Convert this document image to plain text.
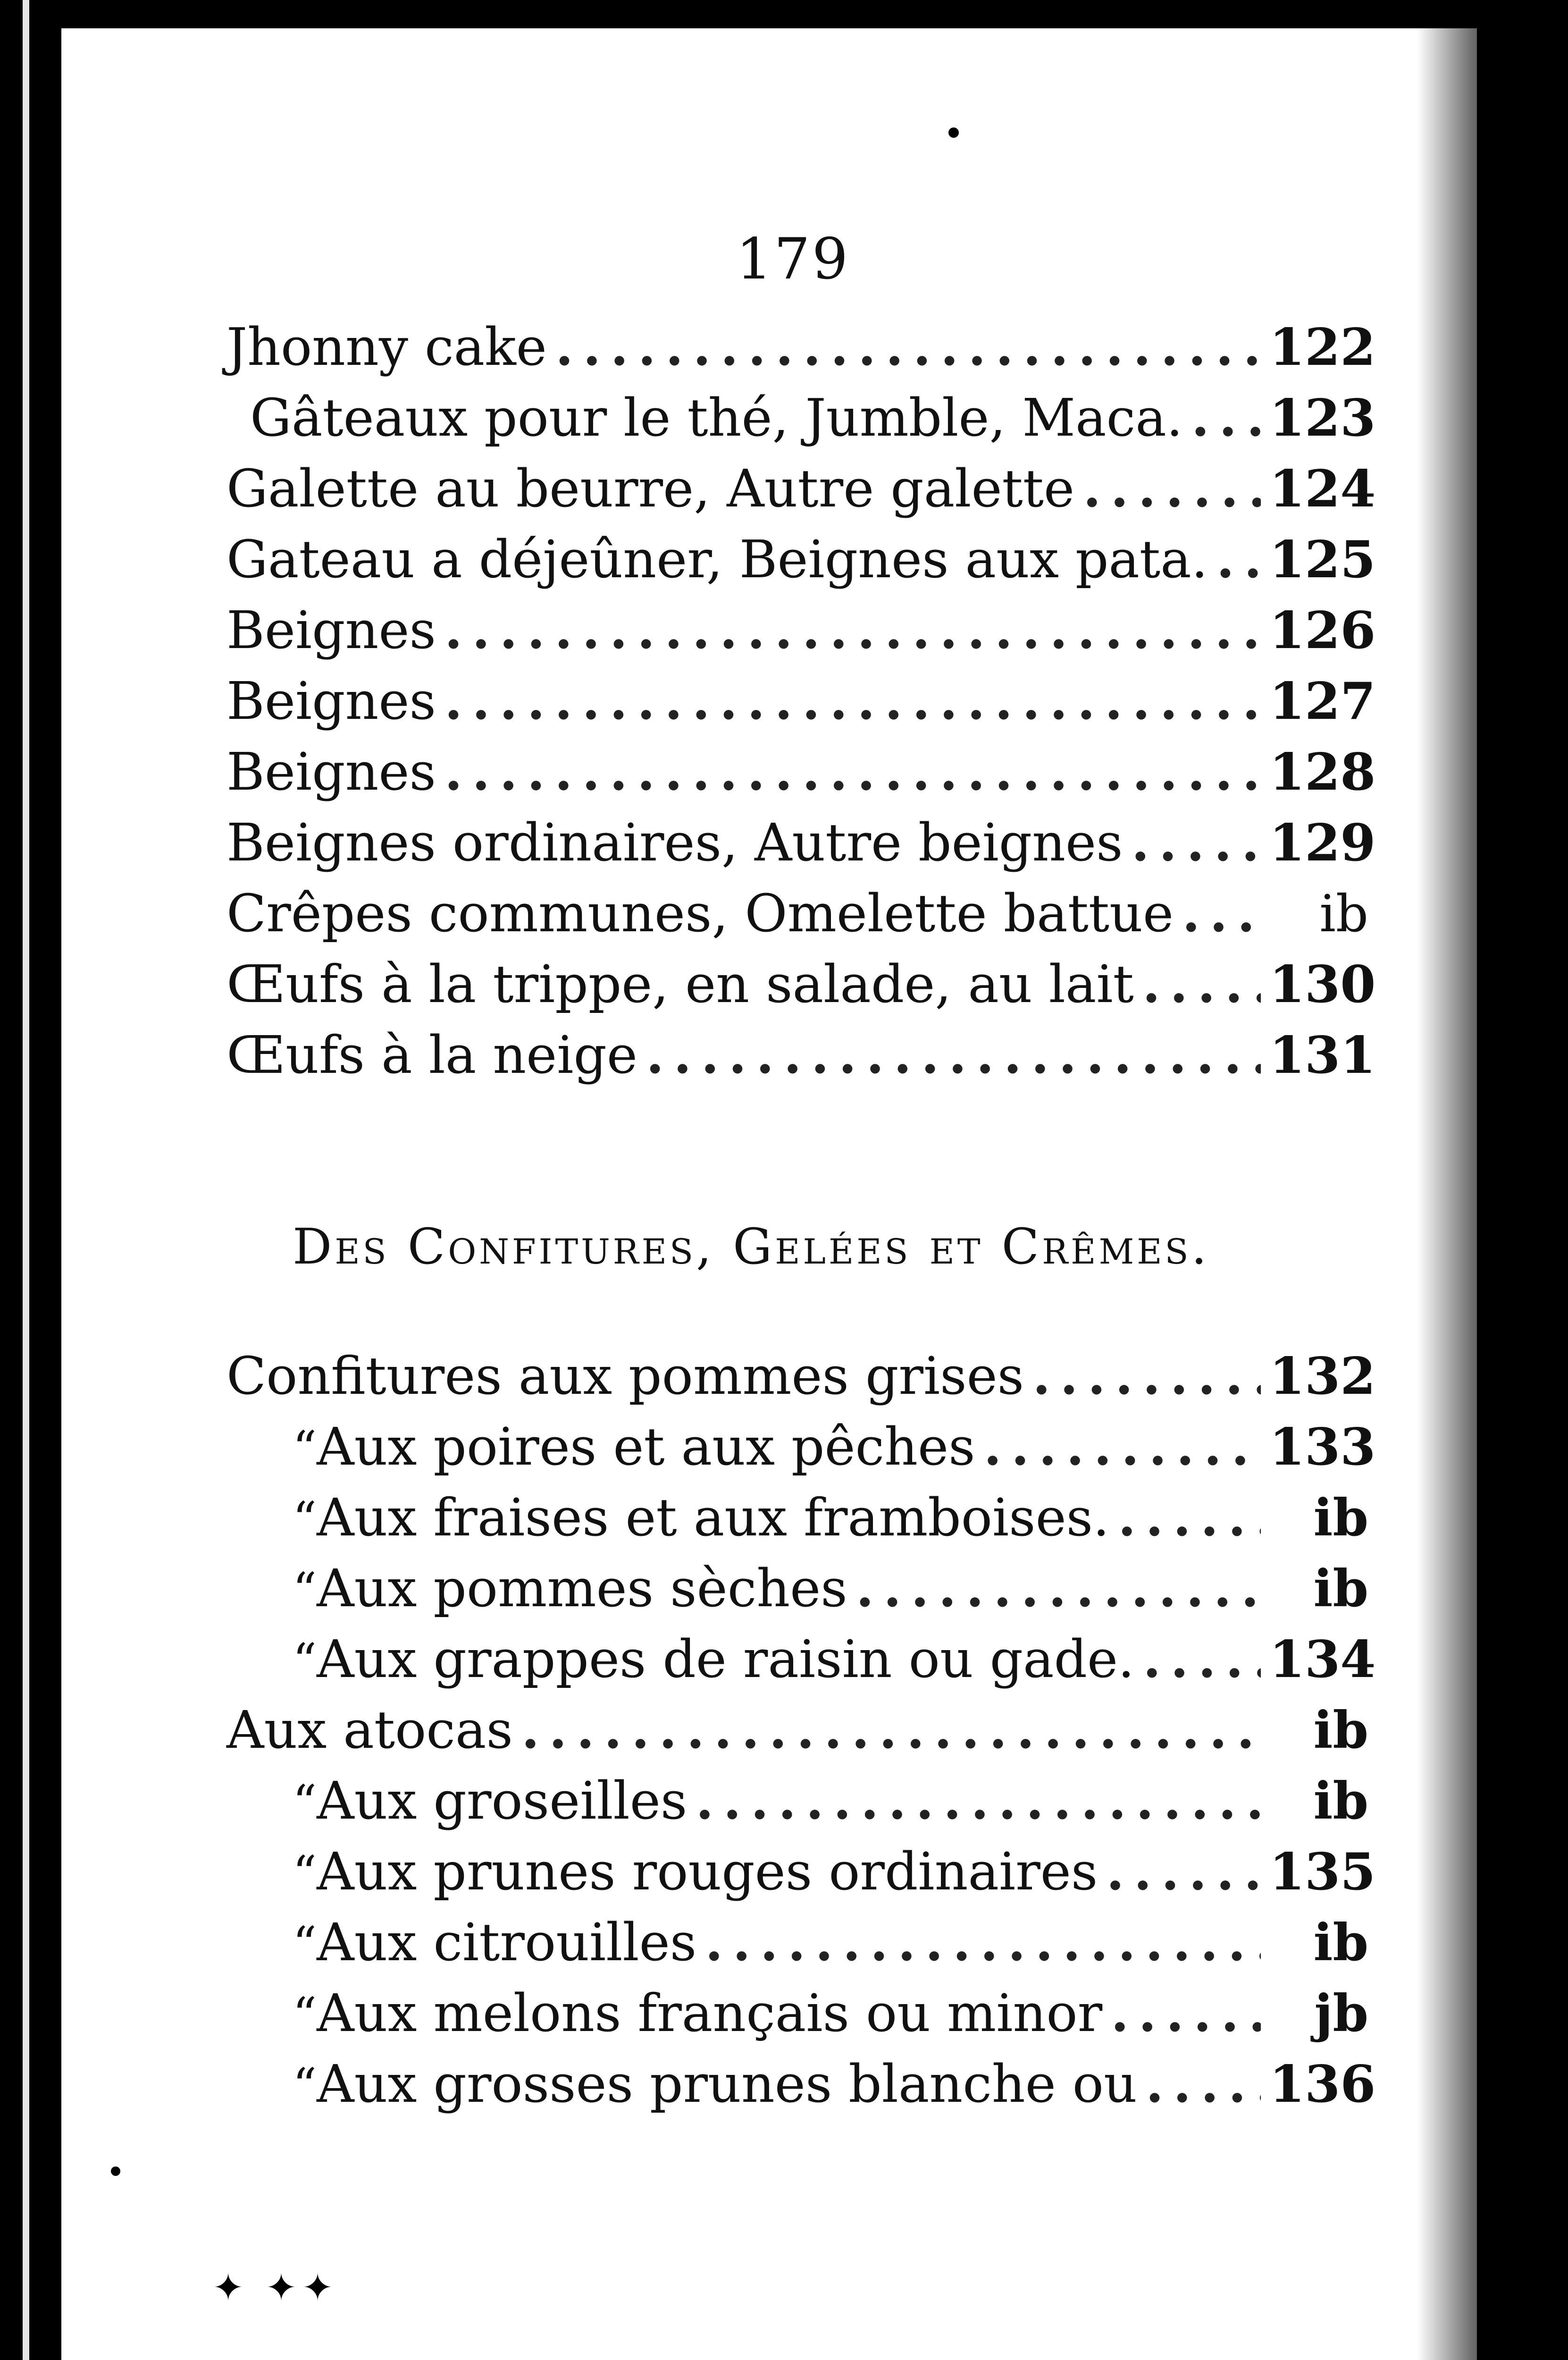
179
Jhonny cake .....	122
Gâteaux pour le thé, Jumble, Maca. ..... 123
Galette au beurre, Autre galette .....	124
Gateau a déjeûner, Beignes aux pata. ..... 125
Beignes .....	126
Beignes .....	127
Beignes .....	128
Beignes ordinaires, Autre beignes .....	129
Crêpes communes, Omelette battue .....	ib
Œufs à la trippe, en salade, au lait .....	130
Œufs à la neige .....	131
Confitures aux pommes grises .....	132
“ Aux poires et aux pêches .....	133
“ Aux fraises et aux framboises. .....	ib
“ Aux pommes sèches .....	ib
“ Aux grappes de raisin ou gade. .....	134
Aux atocas .....	ib
“ Aux groseilles .....	ib
“ Aux prunes rouges ordinaires .....	135
“ Aux citrouilles .....	ib
“ Aux melons français ou minor .....	jb
“ Aux grosses prunes blanche ou .....	136
Des Confitures, Gelées et Crêmes.
✦ ✦✦
